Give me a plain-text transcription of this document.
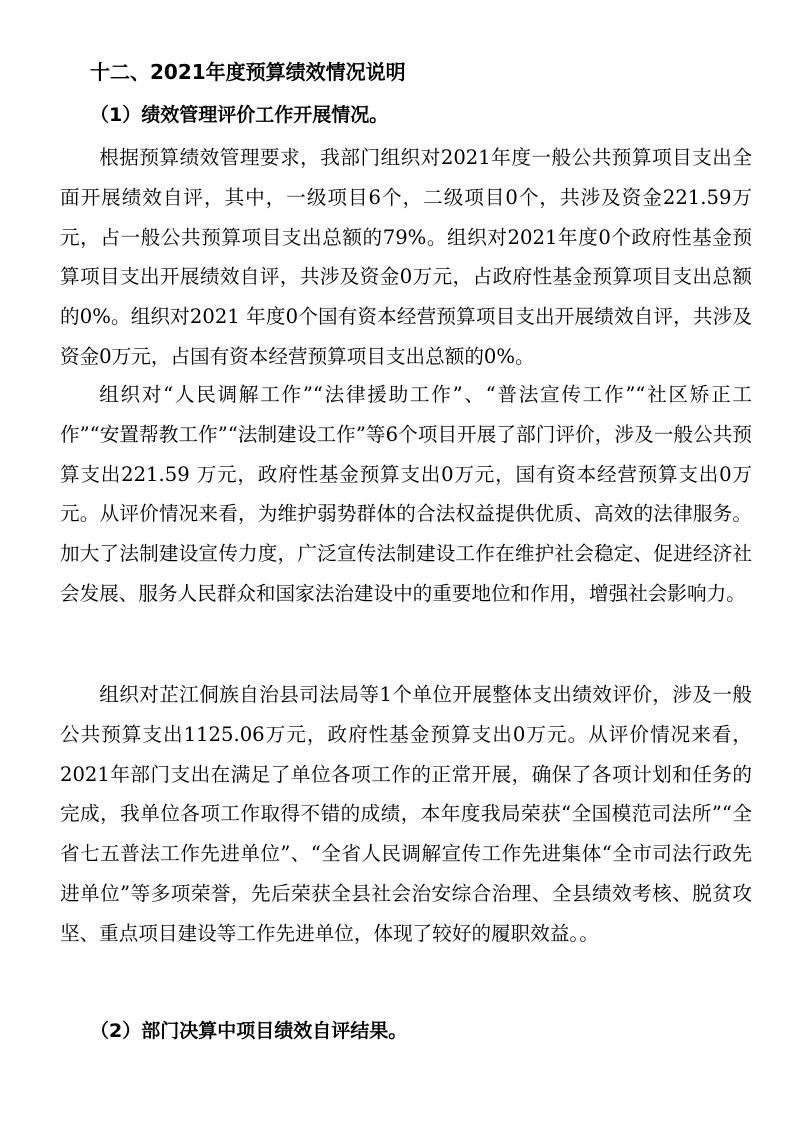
十二、2021年度预算绩效情况说明
（1）绩效管理评价工作开展情况。

根据预算绩效管理要求，我部门组织对2021年度一般公共预算项目支出全面开展绩效自评，其中，一级项目6个，二级项目0个，共涉及资金221.59万元，占一般公共预算项目支出总额的79%。组织对2021年度0个政府性基金预算项目支出开展绩效自评，共涉及资金0万元，占政府性基金预算项目支出总额的0%。组织对2021 年度0个国有资本经营预算项目支出开展绩效自评，共涉及资金0万元，占国有资本经营预算项目支出总额的0%。

组织对“人民调解工作”“法律援助工作”、“普法宣传工作”“社区矫正工作”“安置帮教工作”“法制建设工作”等6个项目开展了部门评价，涉及一般公共预算支出221.59 万元，政府性基金预算支出0万元，国有资本经营预算支出0万元。从评价情况来看，为维护弱势群体的合法权益提供优质、高效的法律服务。加大了法制建设宣传力度，广泛宣传法制建设工作在维护社会稳定、促进经济社会发展、服务人民群众和国家法治建设中的重要地位和作用，增强社会影响力。

组织对芷江侗族自治县司法局等1个单位开展整体支出绩效评价，涉及一般公共预算支出1125.06万元，政府性基金预算支出0万元。从评价情况来看，2021年部门支出在满足了单位各项工作的正常开展，确保了各项计划和任务的完成，我单位各项工作取得不错的成绩，本年度我局荣获“全国模范司法所”“全省七五普法工作先进单位”、“全省人民调解宣传工作先进集体“全市司法行政先进单位”等多项荣誉，先后荣获全县社会治安综合治理、全县绩效考核、脱贫攻坚、重点项目建设等工作先进单位，体现了较好的履职效益。。

（2）部门决算中项目绩效自评结果。
